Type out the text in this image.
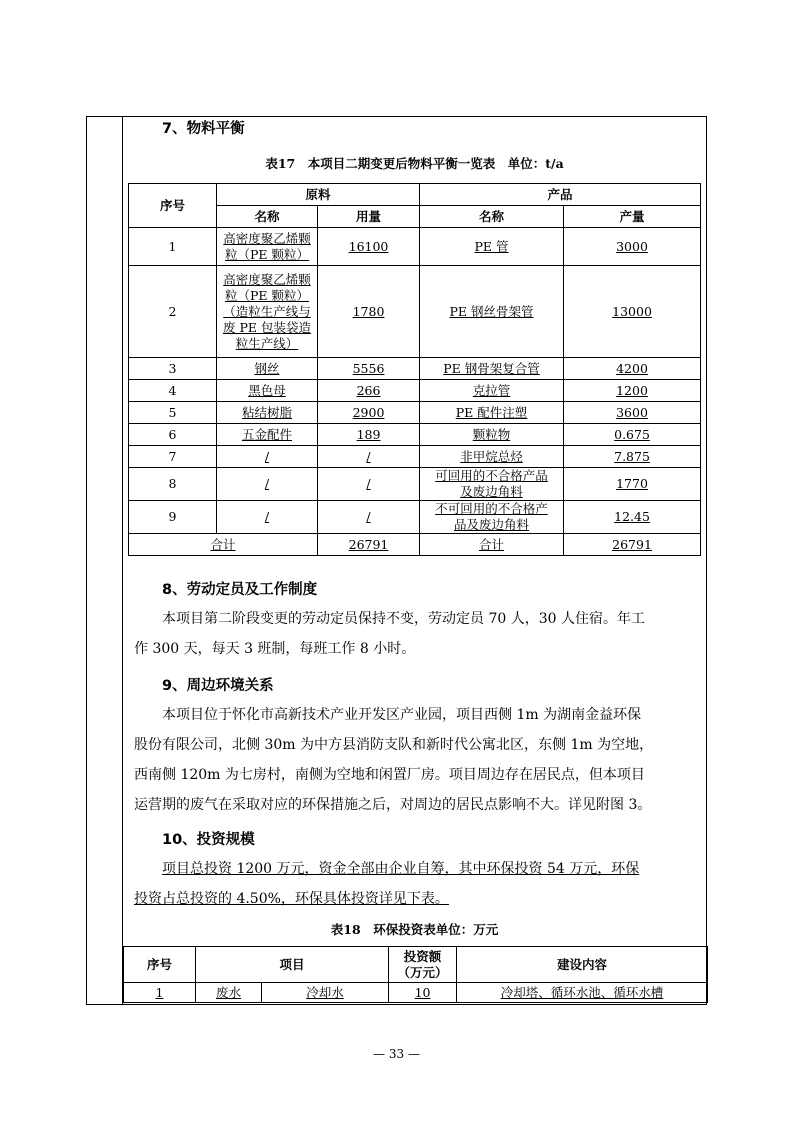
7、物料平衡
表17　本项目二期变更后物料平衡一览表　单位：t/a
序号	原料		产品	
	名称	用量	名称	产量

1	高密度聚乙烯颗
粒（PE 颗粒）	16100	PE 管	3000

2	高密度聚乙烯颗
粒（PE 颗粒）
（造粒生产线与
废 PE 包装袋造
粒生产线）	1780	PE 钢丝骨架管	13000

3	钢丝	5556	PE 钢骨架复合管	4200

4	黑色母	266	克拉管	1200

5	粘结树脂	2900	PE 配件注塑	3600

6	五金配件	189	颗粒物	0.675

7	/	/	非甲烷总烃	7.875

8	/	/	可回用的不合格产品
及废边角料	1770

9	/	/	不可回用的不合格产
品及废边角料	12.45
合计		26791	合计	26791
8、劳动定员及工作制度

本项目第二阶段变更的劳动定员保持不变，劳动定员 70 人，30 人住宿。年工

作 300 天，每天 3 班制，每班工作 8 小时。

9、周边环境关系

本项目位于怀化市高新技术产业开发区产业园，项目西侧 1m 为湖南金益环保

股份有限公司，北侧 30m 为中方县消防支队和新时代公寓北区，东侧 1m 为空地，

西南侧 120m 为七房村，南侧为空地和闲置厂房。项目周边存在居民点，但本项目

运营期的废气在采取对应的环保措施之后，对周边的居民点影响不大。详见附图 3。

10、投资规模

项目总投资 1200 万元，资金全部由企业自筹，其中环保投资 54 万元，环保

投资占总投资的 4.50%，环保具体投资详见下表。

表18　环保投资表单位：万元
序号	项目		投资额
（万元）	建设内容
1	废水	冷却水	10	冷却塔、循环水池、循环水槽
— 33 —
